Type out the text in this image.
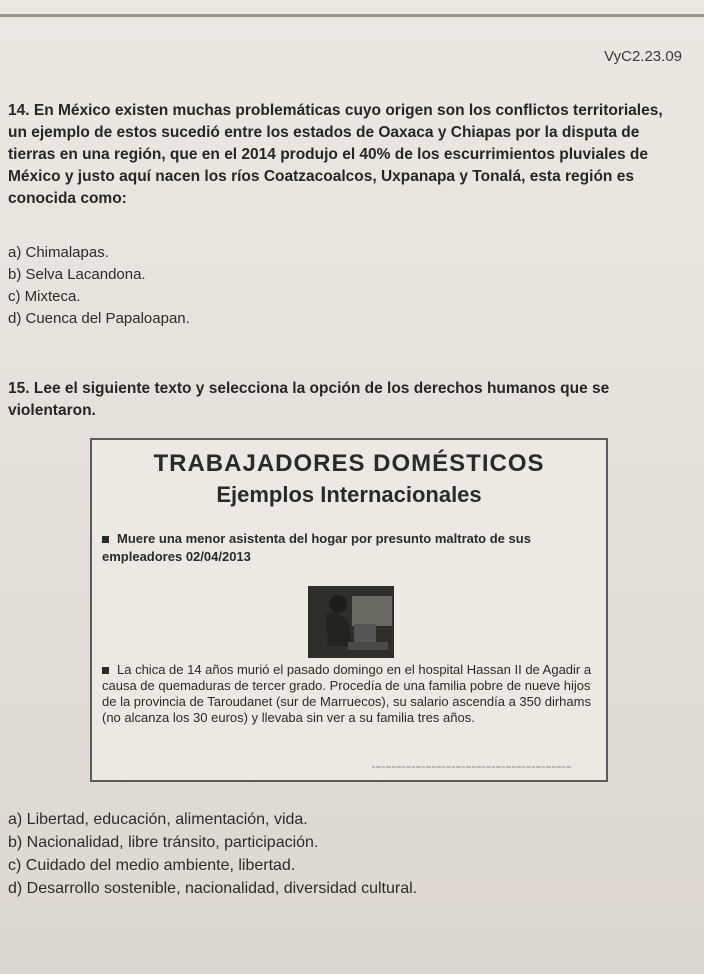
VyC2.23.09
14. En México existen muchas problemáticas cuyo origen son los conflictos territoriales, un ejemplo de estos sucedió entre los estados de Oaxaca y Chiapas por la disputa de tierras en una región, que en el 2014 produjo el 40% de los escurrimientos pluviales de México y justo aquí nacen los ríos Coatzacoalcos, Uxpanapa y Tonalá, esta región es conocida como:
a) Chimalapas.
b) Selva Lacandona.
c) Mixteca.
d) Cuenca del Papaloapan.
15. Lee el siguiente texto y selecciona la opción de los derechos humanos que se violentaron.
TRABAJADORES DOMÉSTICOS
Ejemplos Internacionales
Muere una menor asistenta del hogar por presunto maltrato de sus empleadores 02/04/2013
La chica de 14 años murió el pasado domingo en el hospital Hassan II de Agadir a causa de quemaduras de tercer grado. Procedía de una familia pobre de nueve hijos de la provincia de Taroudanet (sur de Marruecos), su salario ascendía a 350 dirhams (no alcanza los 30 euros) y llevaba sin ver a su familia tres años.
a) Libertad, educación, alimentación, vida.
b) Nacionalidad, libre tránsito, participación.
c) Cuidado del medio ambiente, libertad.
d) Desarrollo sostenible, nacionalidad, diversidad cultural.
